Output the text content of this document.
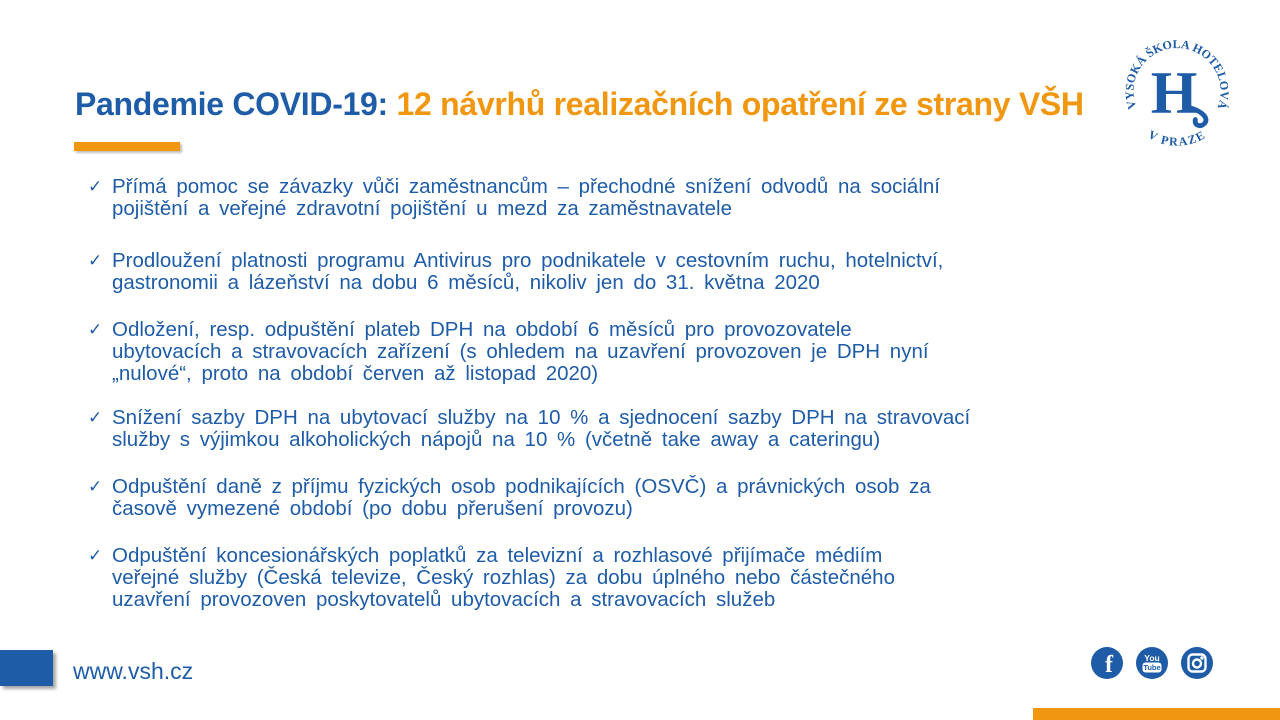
Pandemie COVID-19: 12 návrhů realizačních opatření ze strany VŠH	VYSOKÁ ŠKOLA HOTELOVÁ
V PRAZE
H
✓ Přímá pomoc se závazky vůči zaměstnancům – přechodné snížení odvodů na sociální
pojištění a veřejné zdravotní pojištění u mezd za zaměstnavatele
✓ Prodloužení platnosti programu Antivirus pro podnikatele v cestovním ruchu, hotelnictví,
gastronomii a lázeňství na dobu 6 měsíců, nikoliv jen do 31. května 2020
✓ Odložení, resp. odpuštění plateb DPH na období 6 měsíců pro provozovatele
ubytovacích a stravovacích zařízení (s ohledem na uzavření provozoven je DPH nyní
„nulové“, proto na období červen až listopad 2020)
✓ Snížení sazby DPH na ubytovací služby na 10 % a sjednocení sazby DPH na stravovací
služby s výjimkou alkoholických nápojů na 10 % (včetně take away a cateringu)
✓ Odpuštění daně z příjmu fyzických osob podnikajících (OSVČ) a právnických osob za
časově vymezené období (po dobu přerušení provozu)
✓ Odpuštění koncesionářských poplatků za televizní a rozhlasové přijímače médiím
veřejné služby (Česká televize, Český rozhlas) za dobu úplného nebo částečného
uzavření provozoven poskytovatelů ubytovacích a stravovacích služeb
www.vsh.cz	f	You
Tube
